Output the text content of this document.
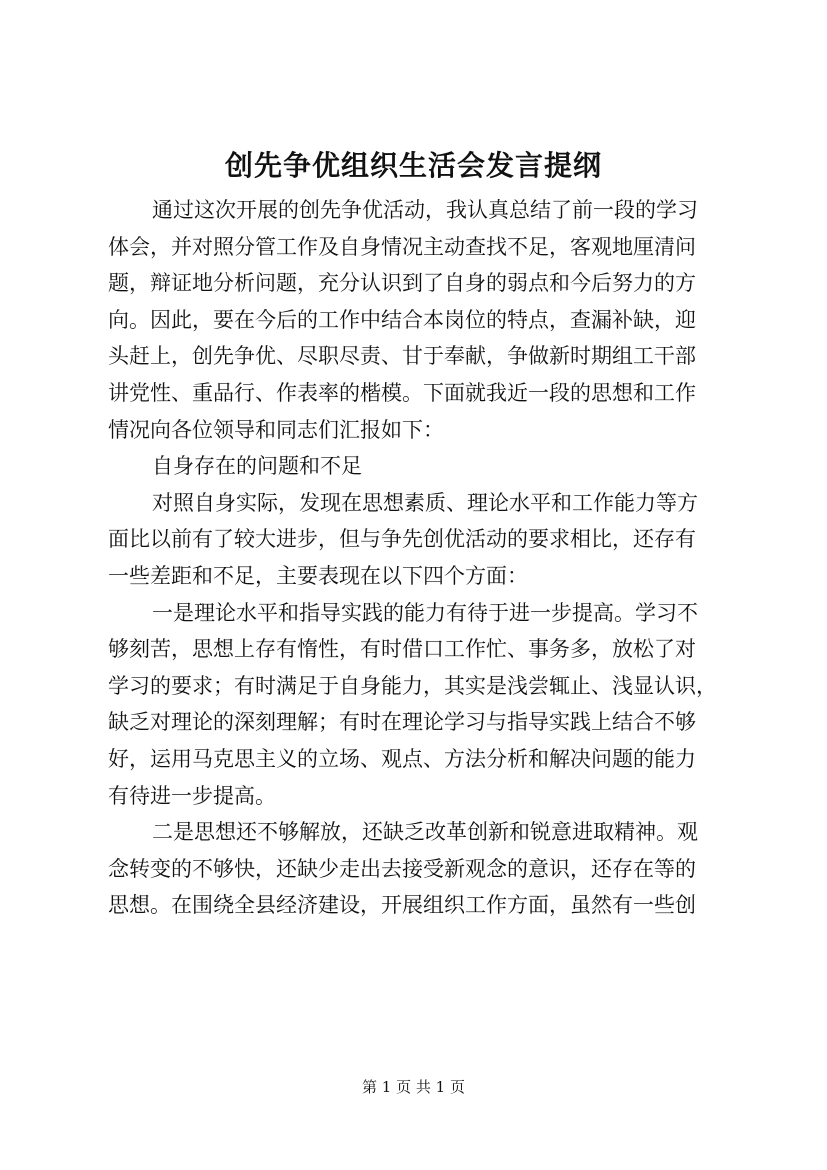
创先争优组织生活会发言提纲
通过这次开展的创先争优活动，我认真总结了前一段的学习
体会，并对照分管工作及自身情况主动查找不足，客观地厘清问
题，辩证地分析问题，充分认识到了自身的弱点和今后努力的方
向。因此，要在今后的工作中结合本岗位的特点，查漏补缺，迎
头赶上，创先争优、尽职尽责、甘于奉献，争做新时期组工干部
讲党性、重品行、作表率的楷模。下面就我近一段的思想和工作
情况向各位领导和同志们汇报如下：
自身存在的问题和不足
对照自身实际，发现在思想素质、理论水平和工作能力等方
面比以前有了较大进步，但与争先创优活动的要求相比，还存有
一些差距和不足，主要表现在以下四个方面：
一是理论水平和指导实践的能力有待于进一步提高。学习不
够刻苦，思想上存有惰性，有时借口工作忙、事务多，放松了对
学习的要求；有时满足于自身能力，其实是浅尝辄止、浅显认识，
缺乏对理论的深刻理解；有时在理论学习与指导实践上结合不够
好，运用马克思主义的立场、观点、方法分析和解决问题的能力
有待进一步提高。
二是思想还不够解放，还缺乏改革创新和锐意进取精神。观
念转变的不够快，还缺少走出去接受新观念的意识，还存在等的
思想。在围绕全县经济建设，开展组织工作方面，虽然有一些创
第 1 页 共 1 页
